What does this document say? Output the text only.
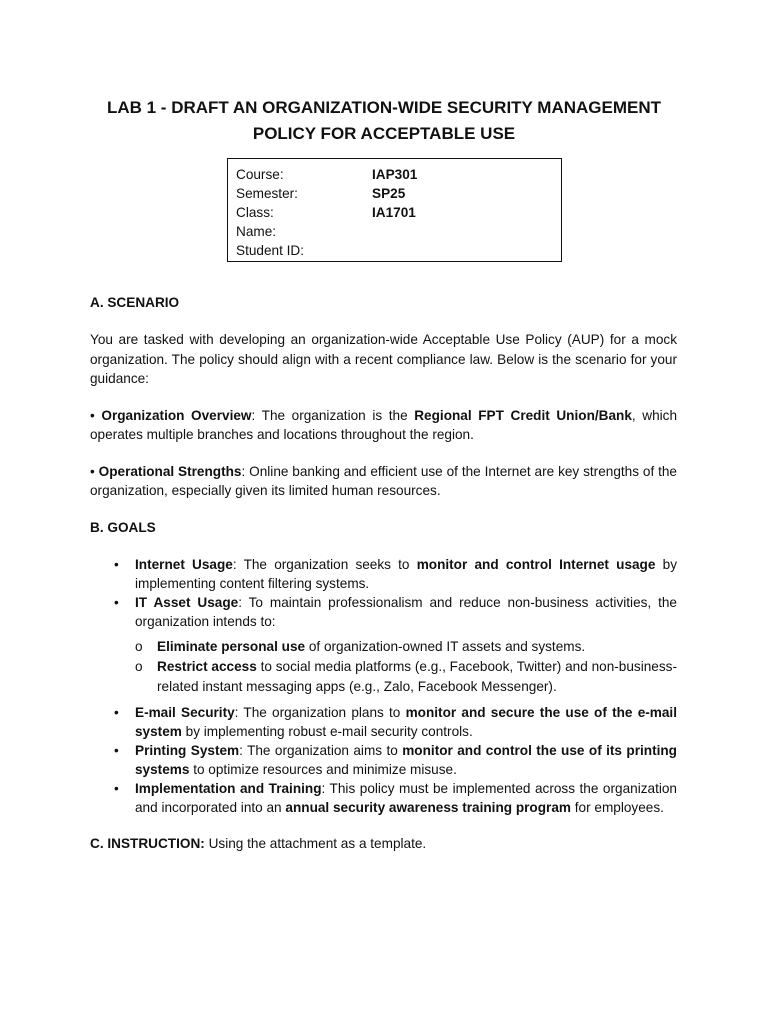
LAB 1 - DRAFT AN ORGANIZATION-WIDE SECURITY MANAGEMENT
POLICY FOR ACCEPTABLE USE
Course:	IAP301
Semester:	SP25
Class:	IA1701
Name:
Student ID:

A. SCENARIO

You are tasked with developing an organization-wide Acceptable Use Policy (AUP) for a mock organization. The policy should align with a recent compliance law. Below is the scenario for your guidance:

• Organization Overview: The organization is the Regional FPT Credit Union/Bank, which operates multiple branches and locations throughout the region.

• Operational Strengths: Online banking and efficient use of the Internet are key strengths of the organization, especially given its limited human resources.

B. GOALS

• Internet Usage: The organization seeks to monitor and control Internet usage by implementing content filtering systems.
• IT Asset Usage: To maintain professionalism and reduce non-business activities, the organization intends to:
o Eliminate personal use of organization-owned IT assets and systems.
o Restrict access to social media platforms (e.g., Facebook, Twitter) and non-business-related instant messaging apps (e.g., Zalo, Facebook Messenger).
• E-mail Security: The organization plans to monitor and secure the use of the e-mail system by implementing robust e-mail security controls.
• Printing System: The organization aims to monitor and control the use of its printing systems to optimize resources and minimize misuse.
• Implementation and Training: This policy must be implemented across the organization and incorporated into an annual security awareness training program for employees.

C. INSTRUCTION: Using the attachment as a template.
